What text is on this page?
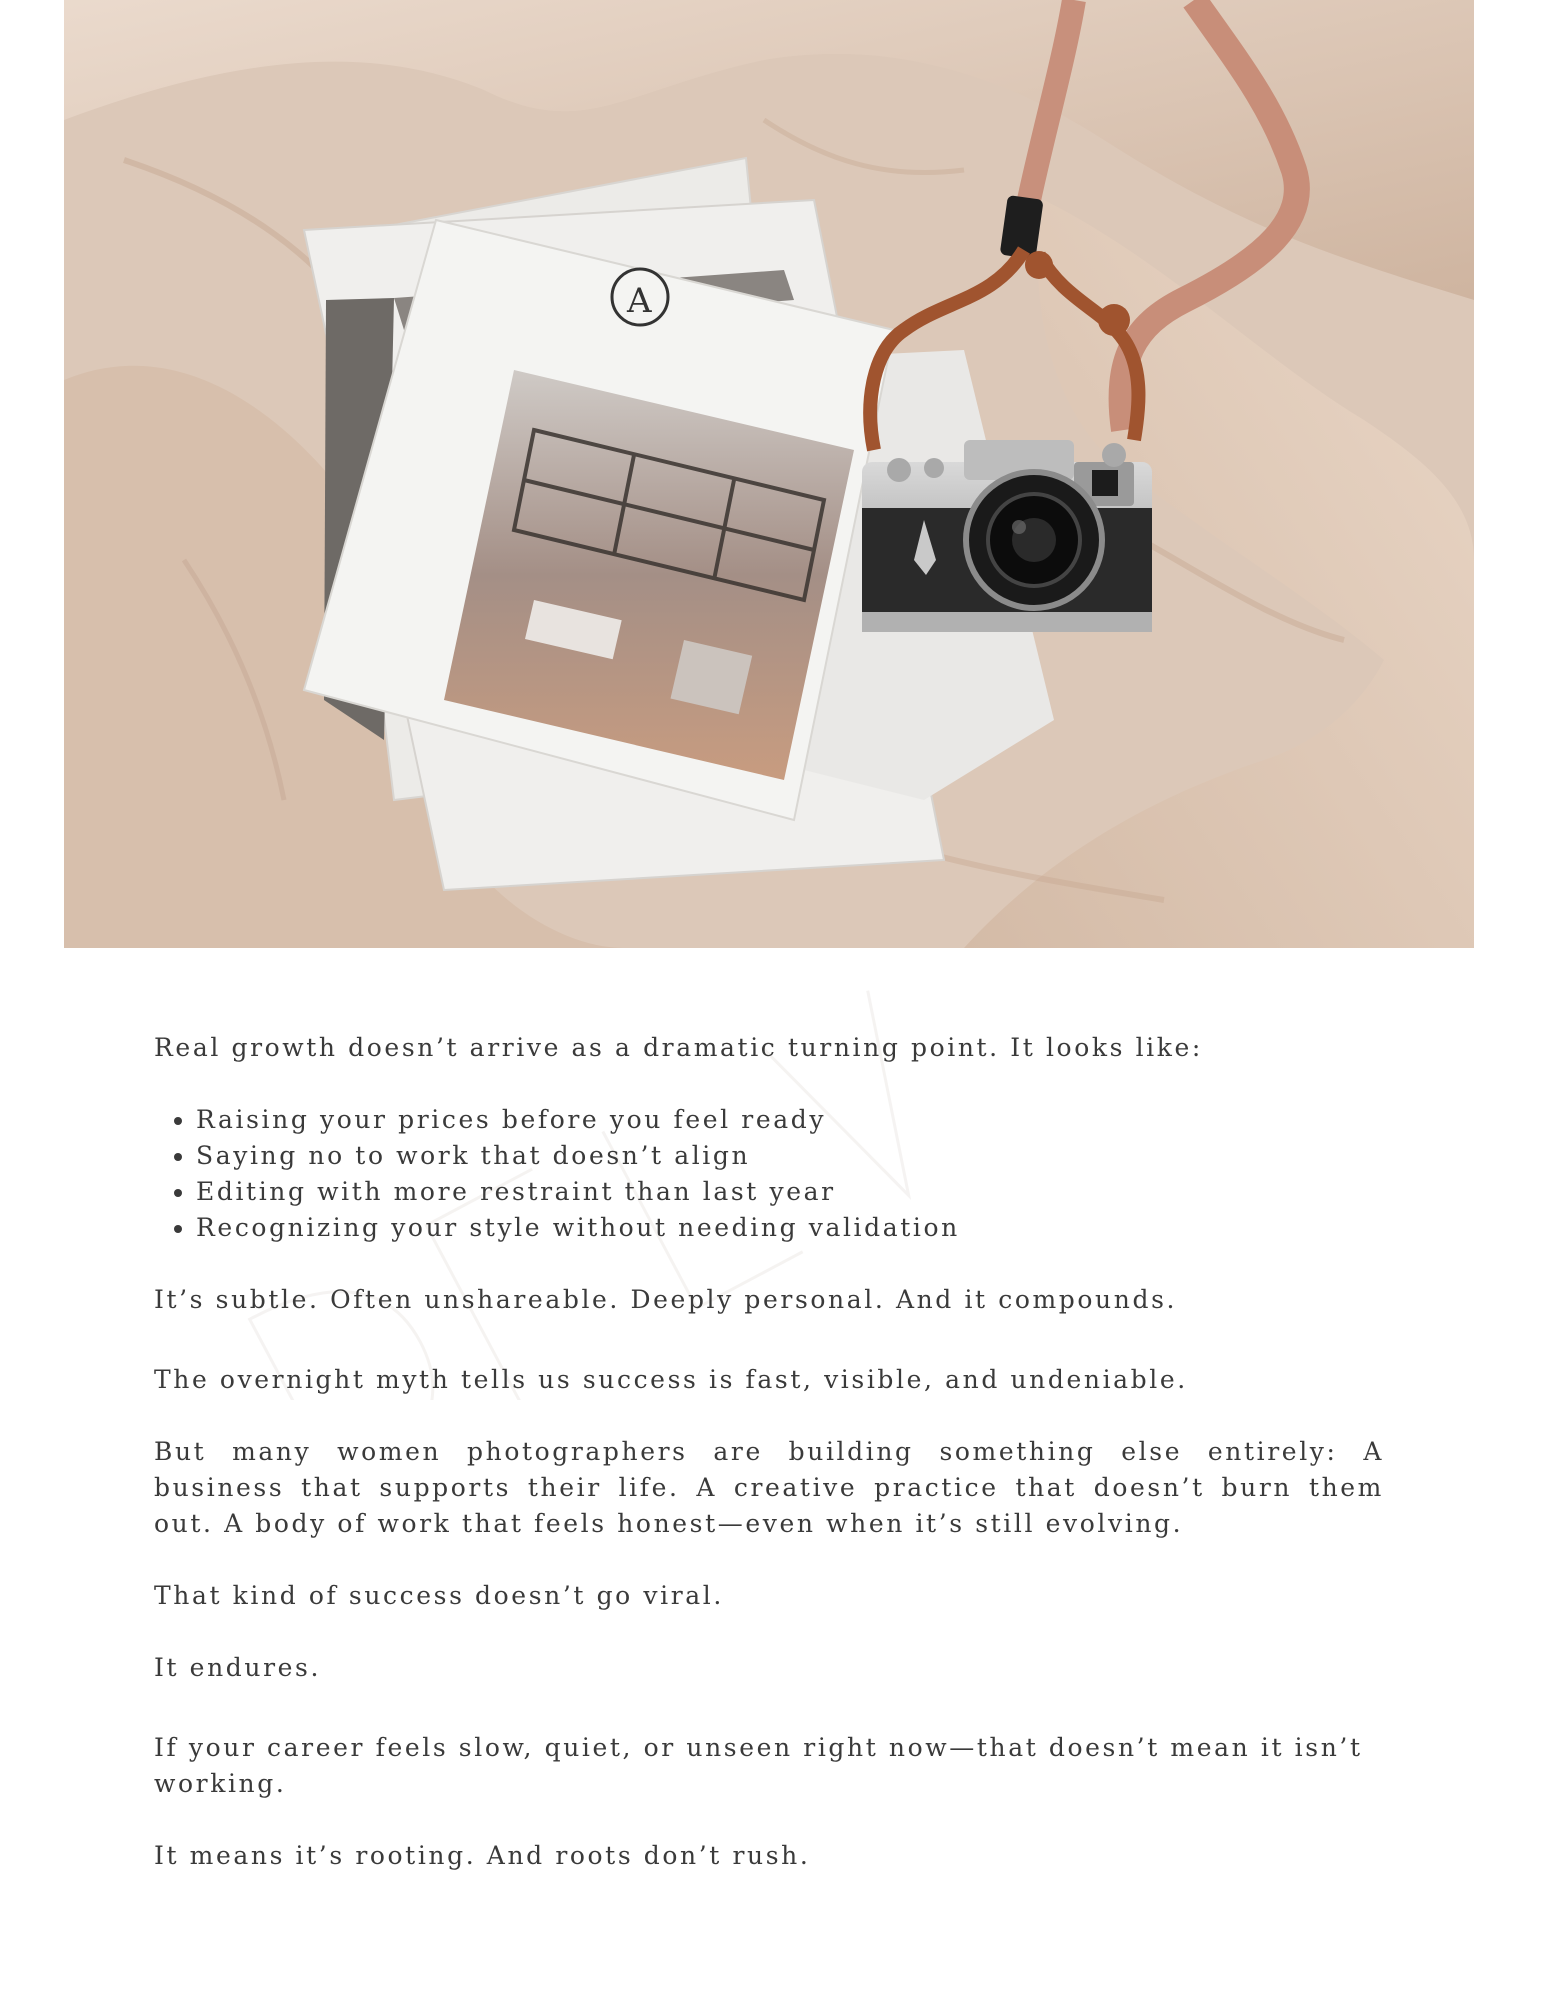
A

Real growth doesn’t arrive as a dramatic turning point. It looks like:

• Raising your prices before you feel ready
• Saying no to work that doesn’t align
• Editing with more restraint than last year
• Recognizing your style without needing validation

It’s subtle. Often unshareable. Deeply personal. And it compounds.

The overnight myth tells us success is fast, visible, and undeniable.

But many women photographers are building something else entirely: A business that supports their life. A creative practice that doesn’t burn them out. A body of work that feels honest—even when it’s still evolving.

That kind of success doesn’t go viral.

It endures.

If your career feels slow, quiet, or unseen right now—that doesn’t mean it isn’t working.

It means it’s rooting. And roots don’t rush.
